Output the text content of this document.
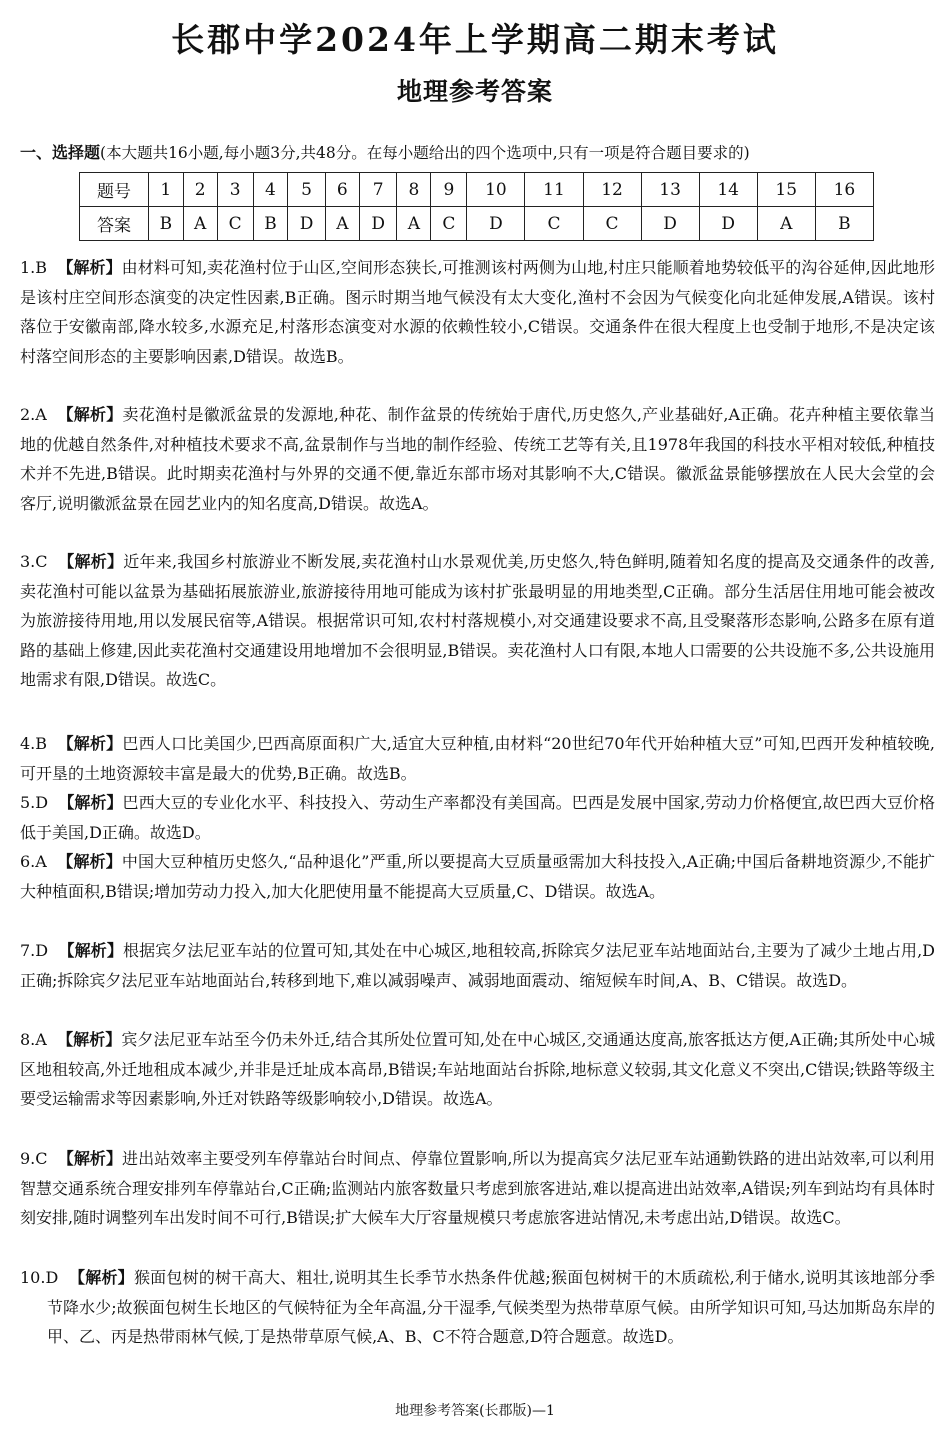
长郡中学2024年上学期高二期末考试
地理参考答案
一、选择题(本大题共16小题,每小题3分,共48分。在每小题给出的四个选项中,只有一项是符合题目要求的)
题号	1	2	3	4	5	6	7	8	9	10	11	12	13	14	15	16
答案	B	A	C	B	D	A	D	A	C	D	C	C	D	D	A	B
1.B 【解析】由材料可知,卖花渔村位于山区,空间形态狭长,可推测该村两侧为山地,村庄只能顺着地势较低平的沟谷延伸,因此地形是该村庄空间形态演变的决定性因素,B正确。图示时期当地气候没有太大变化,渔村不会因为气候变化向北延伸发展,A错误。该村落位于安徽南部,降水较多,水源充足,村落形态演变对水源的依赖性较小,C错误。交通条件在很大程度上也受制于地形,不是决定该村落空间形态的主要影响因素,D错误。故选B。
2.A 【解析】卖花渔村是徽派盆景的发源地,种花、制作盆景的传统始于唐代,历史悠久,产业基础好,A正确。花卉种植主要依靠当地的优越自然条件,对种植技术要求不高,盆景制作与当地的制作经验、传统工艺等有关,且1978年我国的科技水平相对较低,种植技术并不先进,B错误。此时期卖花渔村与外界的交通不便,靠近东部市场对其影响不大,C错误。徽派盆景能够摆放在人民大会堂的会客厅,说明徽派盆景在园艺业内的知名度高,D错误。故选A。
3.C 【解析】近年来,我国乡村旅游业不断发展,卖花渔村山水景观优美,历史悠久,特色鲜明,随着知名度的提高及交通条件的改善,卖花渔村可能以盆景为基础拓展旅游业,旅游接待用地可能成为该村扩张最明显的用地类型,C正确。部分生活居住用地可能会被改为旅游接待用地,用以发展民宿等,A错误。根据常识可知,农村村落规模小,对交通建设要求不高,且受聚落形态影响,公路多在原有道路的基础上修建,因此卖花渔村交通建设用地增加不会很明显,B错误。卖花渔村人口有限,本地人口需要的公共设施不多,公共设施用地需求有限,D错误。故选C。
4.B 【解析】巴西人口比美国少,巴西高原面积广大,适宜大豆种植,由材料“20世纪70年代开始种植大豆”可知,巴西开发种植较晚,可开垦的土地资源较丰富是最大的优势,B正确。故选B。
5.D 【解析】巴西大豆的专业化水平、科技投入、劳动生产率都没有美国高。巴西是发展中国家,劳动力价格便宜,故巴西大豆价格低于美国,D正确。故选D。
6.A 【解析】中国大豆种植历史悠久,“品种退化”严重,所以要提高大豆质量亟需加大科技投入,A正确;中国后备耕地资源少,不能扩大种植面积,B错误;增加劳动力投入,加大化肥使用量不能提高大豆质量,C、D错误。故选A。
7.D 【解析】根据宾夕法尼亚车站的位置可知,其处在中心城区,地租较高,拆除宾夕法尼亚车站地面站台,主要为了减少土地占用,D正确;拆除宾夕法尼亚车站地面站台,转移到地下,难以减弱噪声、减弱地面震动、缩短候车时间,A、B、C错误。故选D。
8.A 【解析】宾夕法尼亚车站至今仍未外迁,结合其所处位置可知,处在中心城区,交通通达度高,旅客抵达方便,A正确;其所处中心城区地租较高,外迁地租成本减少,并非是迁址成本高昂,B错误;车站地面站台拆除,地标意义较弱,其文化意义不突出,C错误;铁路等级主要受运输需求等因素影响,外迁对铁路等级影响较小,D错误。故选A。
9.C 【解析】进出站效率主要受列车停靠站台时间点、停靠位置影响,所以为提高宾夕法尼亚车站通勤铁路的进出站效率,可以利用智慧交通系统合理安排列车停靠站台,C正确;监测站内旅客数量只考虑到旅客进站,难以提高进出站效率,A错误;列车到站均有具体时刻安排,随时调整列车出发时间不可行,B错误;扩大候车大厅容量规模只考虑旅客进站情况,未考虑出站,D错误。故选C。
10.D 【解析】猴面包树的树干高大、粗壮,说明其生长季节水热条件优越;猴面包树树干的木质疏松,利于储水,说明其该地部分季节降水少;故猴面包树生长地区的气候特征为全年高温,分干湿季,气候类型为热带草原气候。由所学知识可知,马达加斯岛东岸的甲、乙、丙是热带雨林气候,丁是热带草原气候,A、B、C不符合题意,D符合题意。故选D。
地理参考答案(长郡版)—1
